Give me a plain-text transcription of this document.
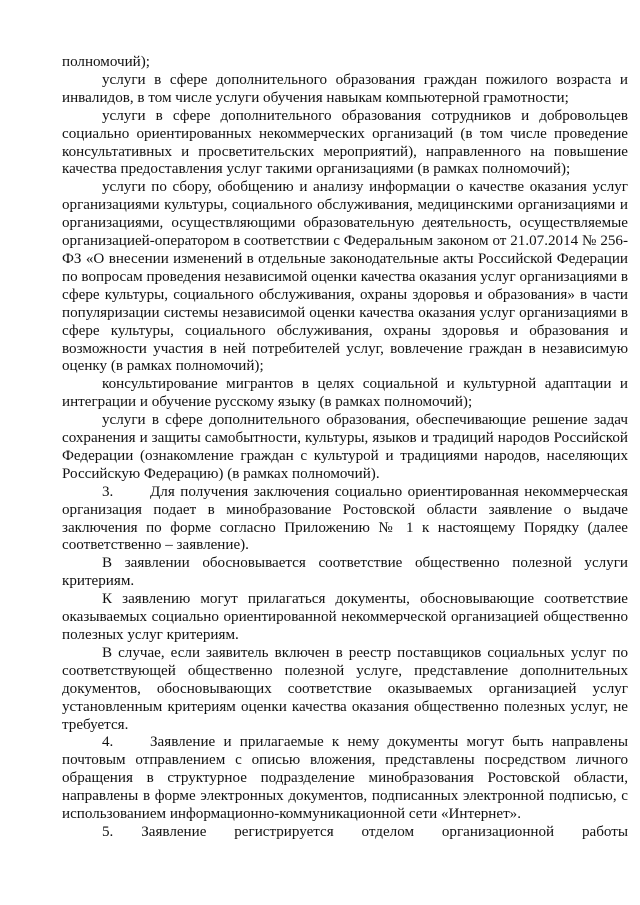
полномочий);

услуги в сфере дополнительного образования граждан пожилого возраста и инвалидов, в том числе услуги обучения навыкам компьютерной грамотности;

услуги в сфере дополнительного образования сотрудников и добровольцев социально ориентированных некоммерческих организаций (в том числе проведение консультативных и просветительских мероприятий), направленного на повышение качества предоставления услуг такими организациями (в рамках полномочий);

услуги по сбору, обобщению и анализу информации о качестве оказания услуг организациями культуры, социального обслуживания, медицинскими организациями и организациями, осуществляющими образовательную деятельность, осуществляемые организацией-оператором в соответствии с Федеральным законом от 21.07.2014 № 256-ФЗ «О внесении изменений в отдельные законодательные акты Российской Федерации по вопросам проведения независимой оценки качества оказания услуг организациями в сфере культуры, социального обслуживания, охраны здоровья и образования» в части популяризации системы независимой оценки качества оказания услуг организациями в сфере культуры, социального обслуживания, охраны здоровья и образования и возможности участия в ней потребителей услуг, вовлечение граждан в независимую оценку (в рамках полномочий);

консультирование мигрантов в целях социальной и культурной адаптации и интеграции и обучение русскому языку (в рамках полномочий);

услуги в сфере дополнительного образования, обеспечивающие решение задач сохранения и защиты самобытности, культуры, языков и традиций народов Российской Федерации (ознакомление граждан с культурой и традициями народов, населяющих Российскую Федерацию) (в рамках полномочий).

3. Для получения заключения социально ориентированная некоммерческая организация подает в минобразование Ростовской области заявление о выдаче заключения по форме согласно Приложению № 1 к настоящему Порядку (далее соответственно – заявление).

В заявлении обосновывается соответствие общественно полезной услуги критериям.

К заявлению могут прилагаться документы, обосновывающие соответствие оказываемых социально ориентированной некоммерческой организацией общественно полезных услуг критериям.

В случае, если заявитель включен в реестр поставщиков социальных услуг по соответствующей общественно полезной услуге, представление дополнительных документов, обосновывающих соответствие оказываемых организацией услуг установленным критериям оценки качества оказания общественно полезных услуг, не требуется.

4. Заявление и прилагаемые к нему документы могут быть направлены почтовым отправлением с описью вложения, представлены посредством личного обращения в структурное подразделение минобразования Ростовской области, направлены в форме электронных документов, подписанных электронной подписью, с использованием информационно-коммуникационной сети «Интернет».

5. Заявление регистрируется отделом организационной работы
